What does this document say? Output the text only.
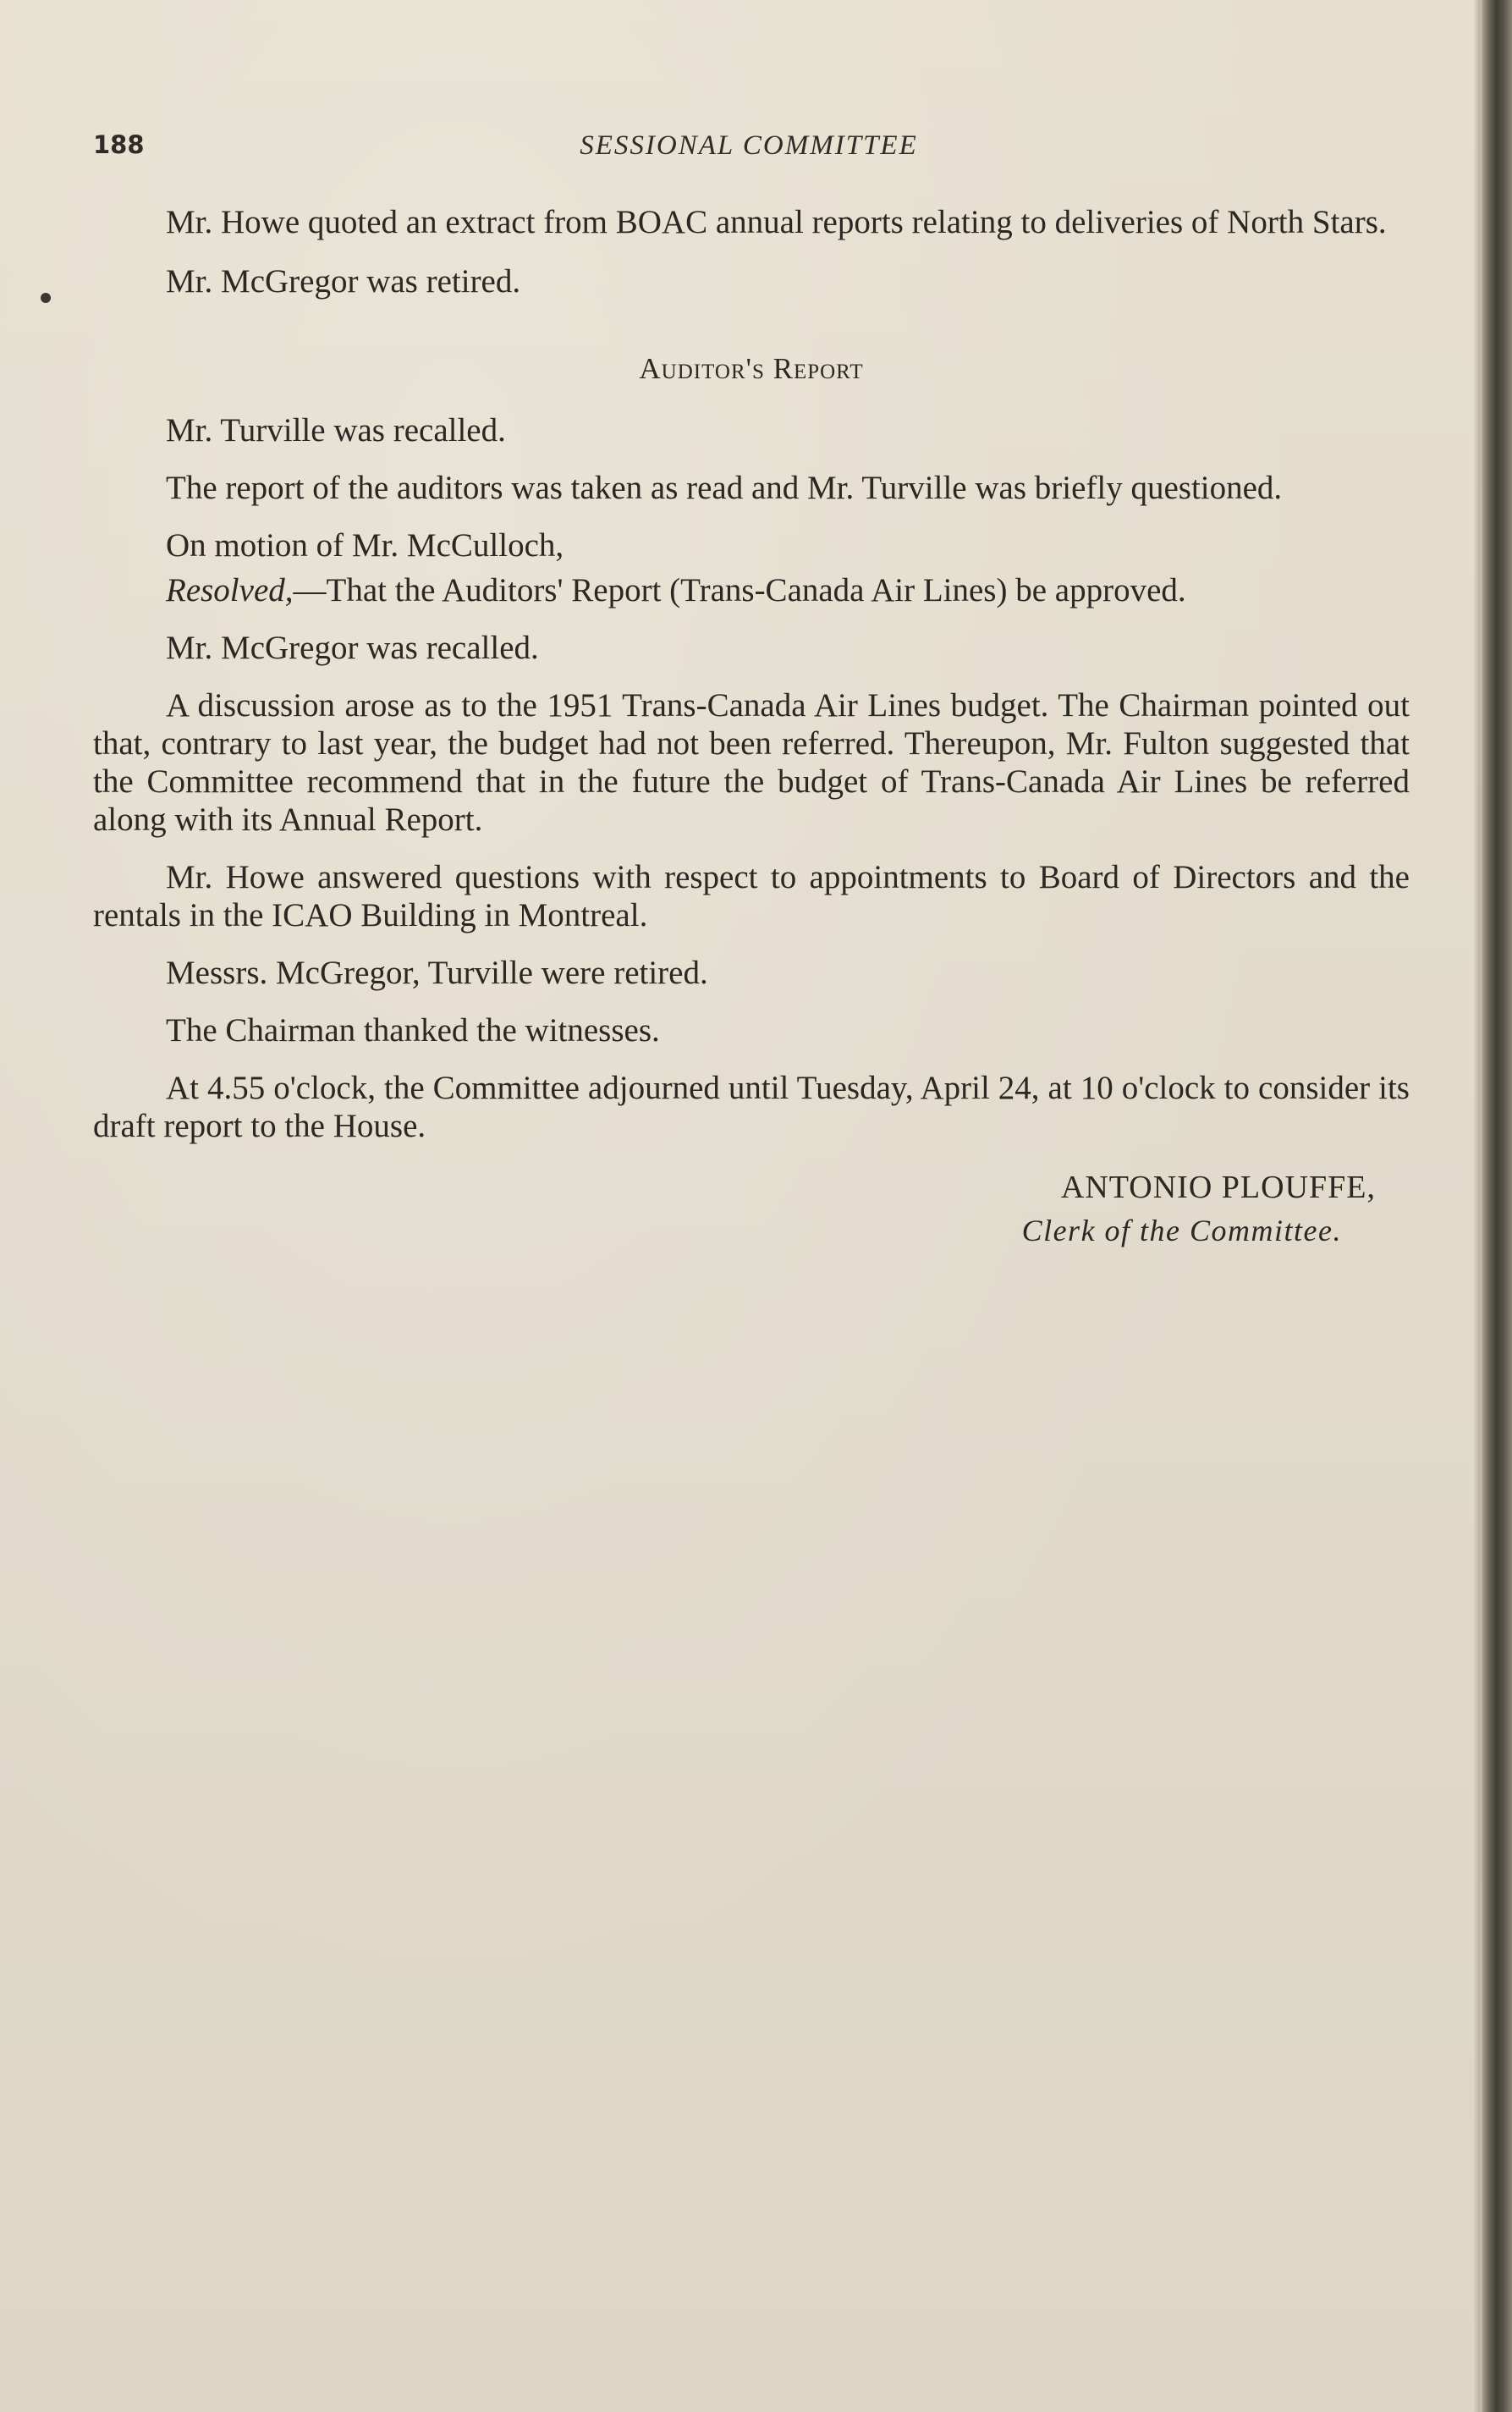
188	SESSIONAL COMMITTEE

Mr. Howe quoted an extract from BOAC annual reports relating to deliveries of North Stars.

Mr. McGregor was retired.

Auditor's Report

Mr. Turville was recalled.

The report of the auditors was taken as read and Mr. Turville was briefly questioned.

On motion of Mr. McCulloch,

Resolved,—That the Auditors' Report (Trans-Canada Air Lines) be approved.

Mr. McGregor was recalled.

A discussion arose as to the 1951 Trans-Canada Air Lines budget. The Chairman pointed out that, contrary to last year, the budget had not been referred. Thereupon, Mr. Fulton suggested that the Committee recommend that in the future the budget of Trans-Canada Air Lines be referred along with its Annual Report.

Mr. Howe answered questions with respect to appointments to Board of Directors and the rentals in the ICAO Building in Montreal.

Messrs. McGregor, Turville were retired.

The Chairman thanked the witnesses.

At 4.55 o'clock, the Committee adjourned until Tuesday, April 24, at 10 o'clock to consider its draft report to the House.

ANTONIO PLOUFFE,
Clerk of the Committee.
